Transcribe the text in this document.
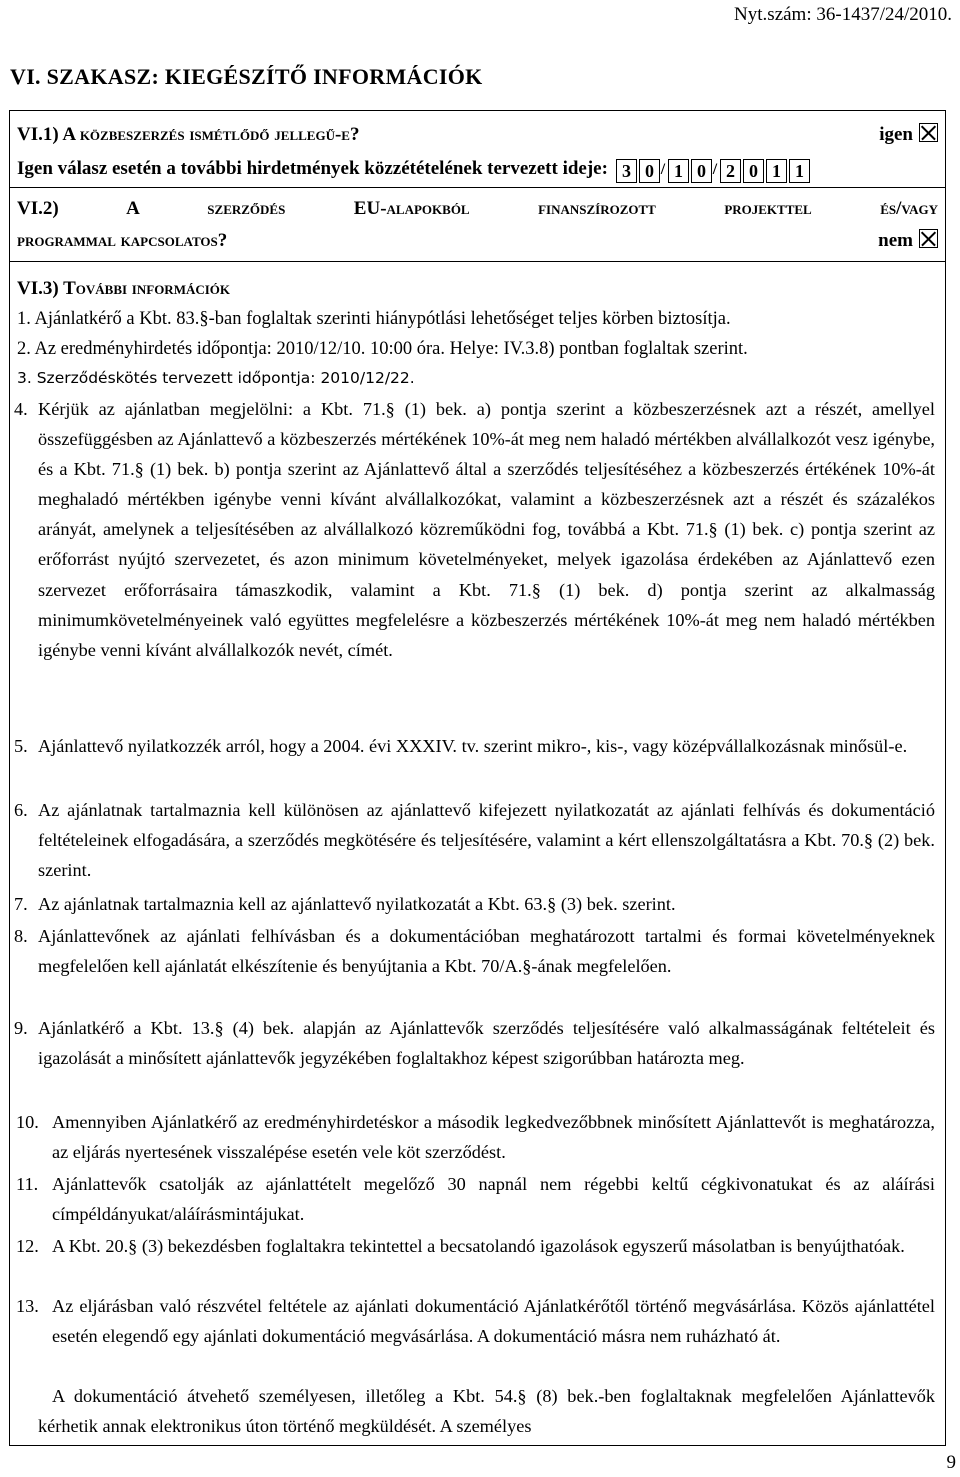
Nyt.szám: 36-1437/24/2010.
VI. SZAKASZ: KIEGÉSZÍTŐ INFORMÁCIÓK
VI.1) A közbeszerzés ismétlődő jellegű-e?	igen
Igen válasz esetén a további hirdetmények közzétételének tervezett ideje: 3 0 / 1 0 / 2 0 1 1
VI.2) A szerződés EU-alapokból finanszírozott projekttel és/vagy
programmal kapcsolatos?	nem
VI.3) További információk
1. Ajánlatkérő a Kbt. 83.§-ban foglaltak szerinti hiánypótlási lehetőséget teljes körben biztosítja.
2. Az eredményhirdetés időpontja: 2010/12/10. 10:00 óra. Helye: IV.3.8) pontban foglaltak szerint.
3. Szerződéskötés tervezett időpontja: 2010/12/22.
4. Kérjük az ajánlatban megjelölni: a Kbt. 71.§ (1) bek. a) pontja szerint a közbeszerzésnek azt a részét, amellyel összefüggésben az Ajánlattevő a közbeszerzés mértékének 10%-át meg nem haladó mértékben alvállalkozót vesz igénybe, és a Kbt. 71.§ (1) bek. b) pontja szerint az Ajánlattevő által a szerződés teljesítéséhez a közbeszerzés értékének 10%-át meghaladó mértékben igénybe venni kívánt alvállalkozókat, valamint a közbeszerzésnek azt a részét és százalékos arányát, amelynek a teljesítésében az alvállalkozó közreműködni fog, továbbá a Kbt. 71.§ (1) bek. c) pontja szerint az erőforrást nyújtó szervezetet, és azon minimum követelményeket, melyek igazolása érdekében az Ajánlattevő ezen szervezet erőforrásaira támaszkodik, valamint a Kbt. 71.§ (1) bek. d) pontja szerint az alkalmasság minimumkövetelményeinek való együttes megfelelésre a közbeszerzés mértékének 10%-át meg nem haladó mértékben igénybe venni kívánt alvállalkozók nevét, címét.
5. Ajánlattevő nyilatkozzék arról, hogy a 2004. évi XXXIV. tv. szerint mikro-, kis-, vagy középvállalkozásnak minősül-e.
6. Az ajánlatnak tartalmaznia kell különösen az ajánlattevő kifejezett nyilatkozatát az ajánlati felhívás és dokumentáció feltételeinek elfogadására, a szerződés megkötésére és teljesítésére, valamint a kért ellenszolgáltatásra a Kbt. 70.§ (2) bek. szerint.
7. Az ajánlatnak tartalmaznia kell az ajánlattevő nyilatkozatát a Kbt. 63.§ (3) bek. szerint.
8. Ajánlattevőnek az ajánlati felhívásban és a dokumentációban meghatározott tartalmi és formai követelményeknek megfelelően kell ajánlatát elkészítenie és benyújtania a Kbt. 70/A.§-ának megfelelően.
9. Ajánlatkérő a Kbt. 13.§ (4) bek. alapján az Ajánlattevők szerződés teljesítésére való alkalmasságának feltételeit és igazolását a minősített ajánlattevők jegyzékében foglaltakhoz képest szigorúbban határozta meg.
10. Amennyiben Ajánlatkérő az eredményhirdetéskor a második legkedvezőbbnek minősített Ajánlattevőt is meghatározza, az eljárás nyertesének visszalépése esetén vele köt szerződést.
11. Ajánlattevők csatolják az ajánlattételt megelőző 30 napnál nem régebbi keltű cégkivonatukat és az aláírási címpéldányukat/aláírásmintájukat.
12. A Kbt. 20.§ (3) bekezdésben foglaltakra tekintettel a becsatolandó igazolások egyszerű másolatban is benyújthatóak.
13. Az eljárásban való részvétel feltétele az ajánlati dokumentáció Ajánlatkérőtől történő megvásárlása. Közös ajánlattétel esetén elegendő egy ajánlati dokumentáció megvásárlása. A dokumentáció másra nem ruházható át.
A dokumentáció átvehető személyesen, illetőleg a Kbt. 54.§ (8) bek.-ben foglaltaknak megfelelően Ajánlattevők kérhetik annak elektronikus úton történő megküldését. A személyes
9
